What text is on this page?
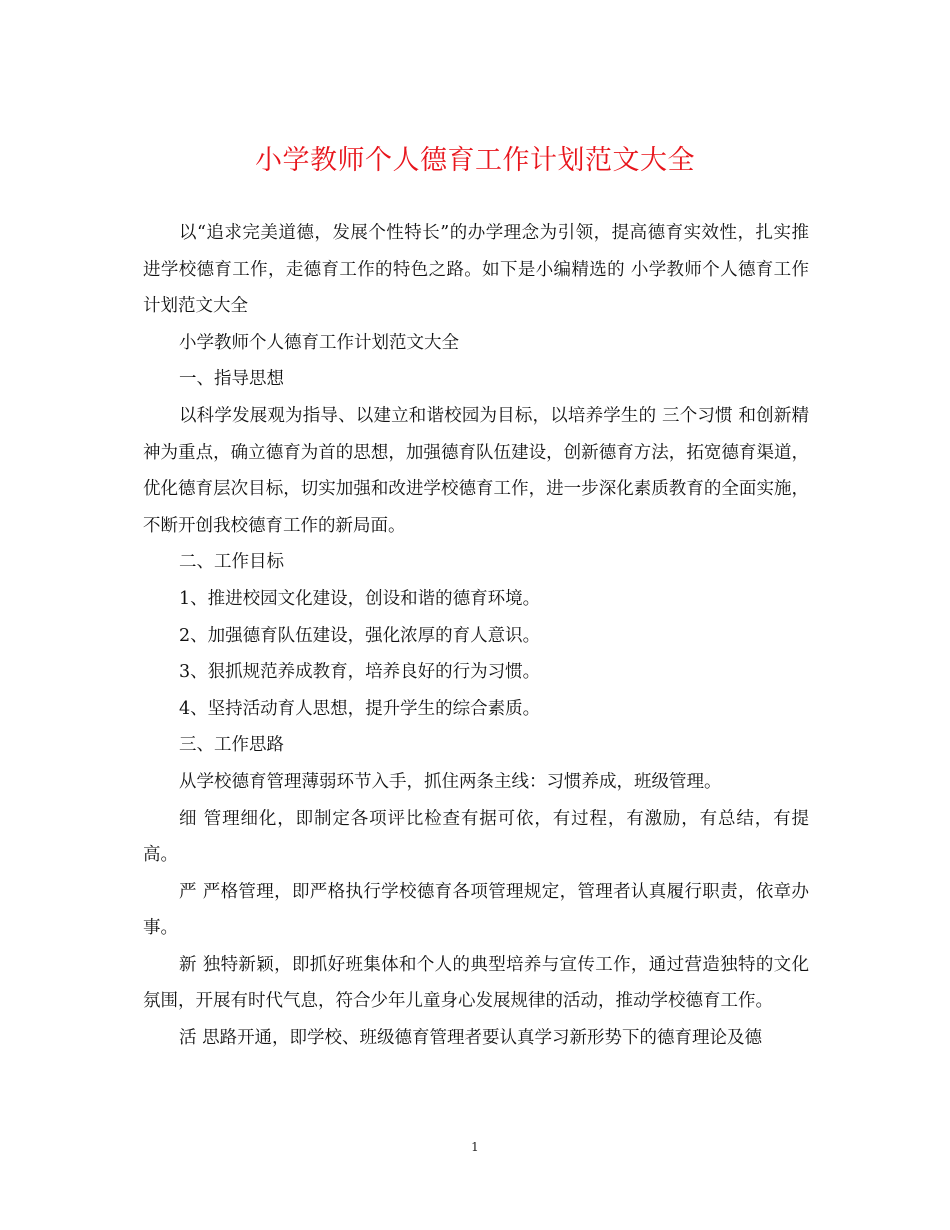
小学教师个人德育工作计划范文大全

以“追求完美道德，发展个性特长”的办学理念为引领，提高德育实效性，扎实推进学校德育工作，走德育工作的特色之路。如下是小编精选的 小学教师个人德育工作计划范文大全

小学教师个人德育工作计划范文大全

一、指导思想

以科学发展观为指导、以建立和谐校园为目标，以培养学生的 三个习惯 和创新精神为重点，确立德育为首的思想，加强德育队伍建设，创新德育方法，拓宽德育渠道，优化德育层次目标，切实加强和改进学校德育工作，进一步深化素质教育的全面实施，不断开创我校德育工作的新局面。

二、工作目标

1、推进校园文化建设，创设和谐的德育环境。

2、加强德育队伍建设，强化浓厚的育人意识。

3、狠抓规范养成教育，培养良好的行为习惯。

4、坚持活动育人思想，提升学生的综合素质。

三、工作思路

从学校德育管理薄弱环节入手，抓住两条主线：习惯养成，班级管理。

细 管理细化，即制定各项评比检查有据可依，有过程，有激励，有总结，有提高。

严 严格管理，即严格执行学校德育各项管理规定，管理者认真履行职责，依章办事。

新 独特新颖，即抓好班集体和个人的典型培养与宣传工作，通过营造独特的文化氛围，开展有时代气息，符合少年儿童身心发展规律的活动，推动学校德育工作。

活 思路开通，即学校、班级德育管理者要认真学习新形势下的德育理论及德

1
